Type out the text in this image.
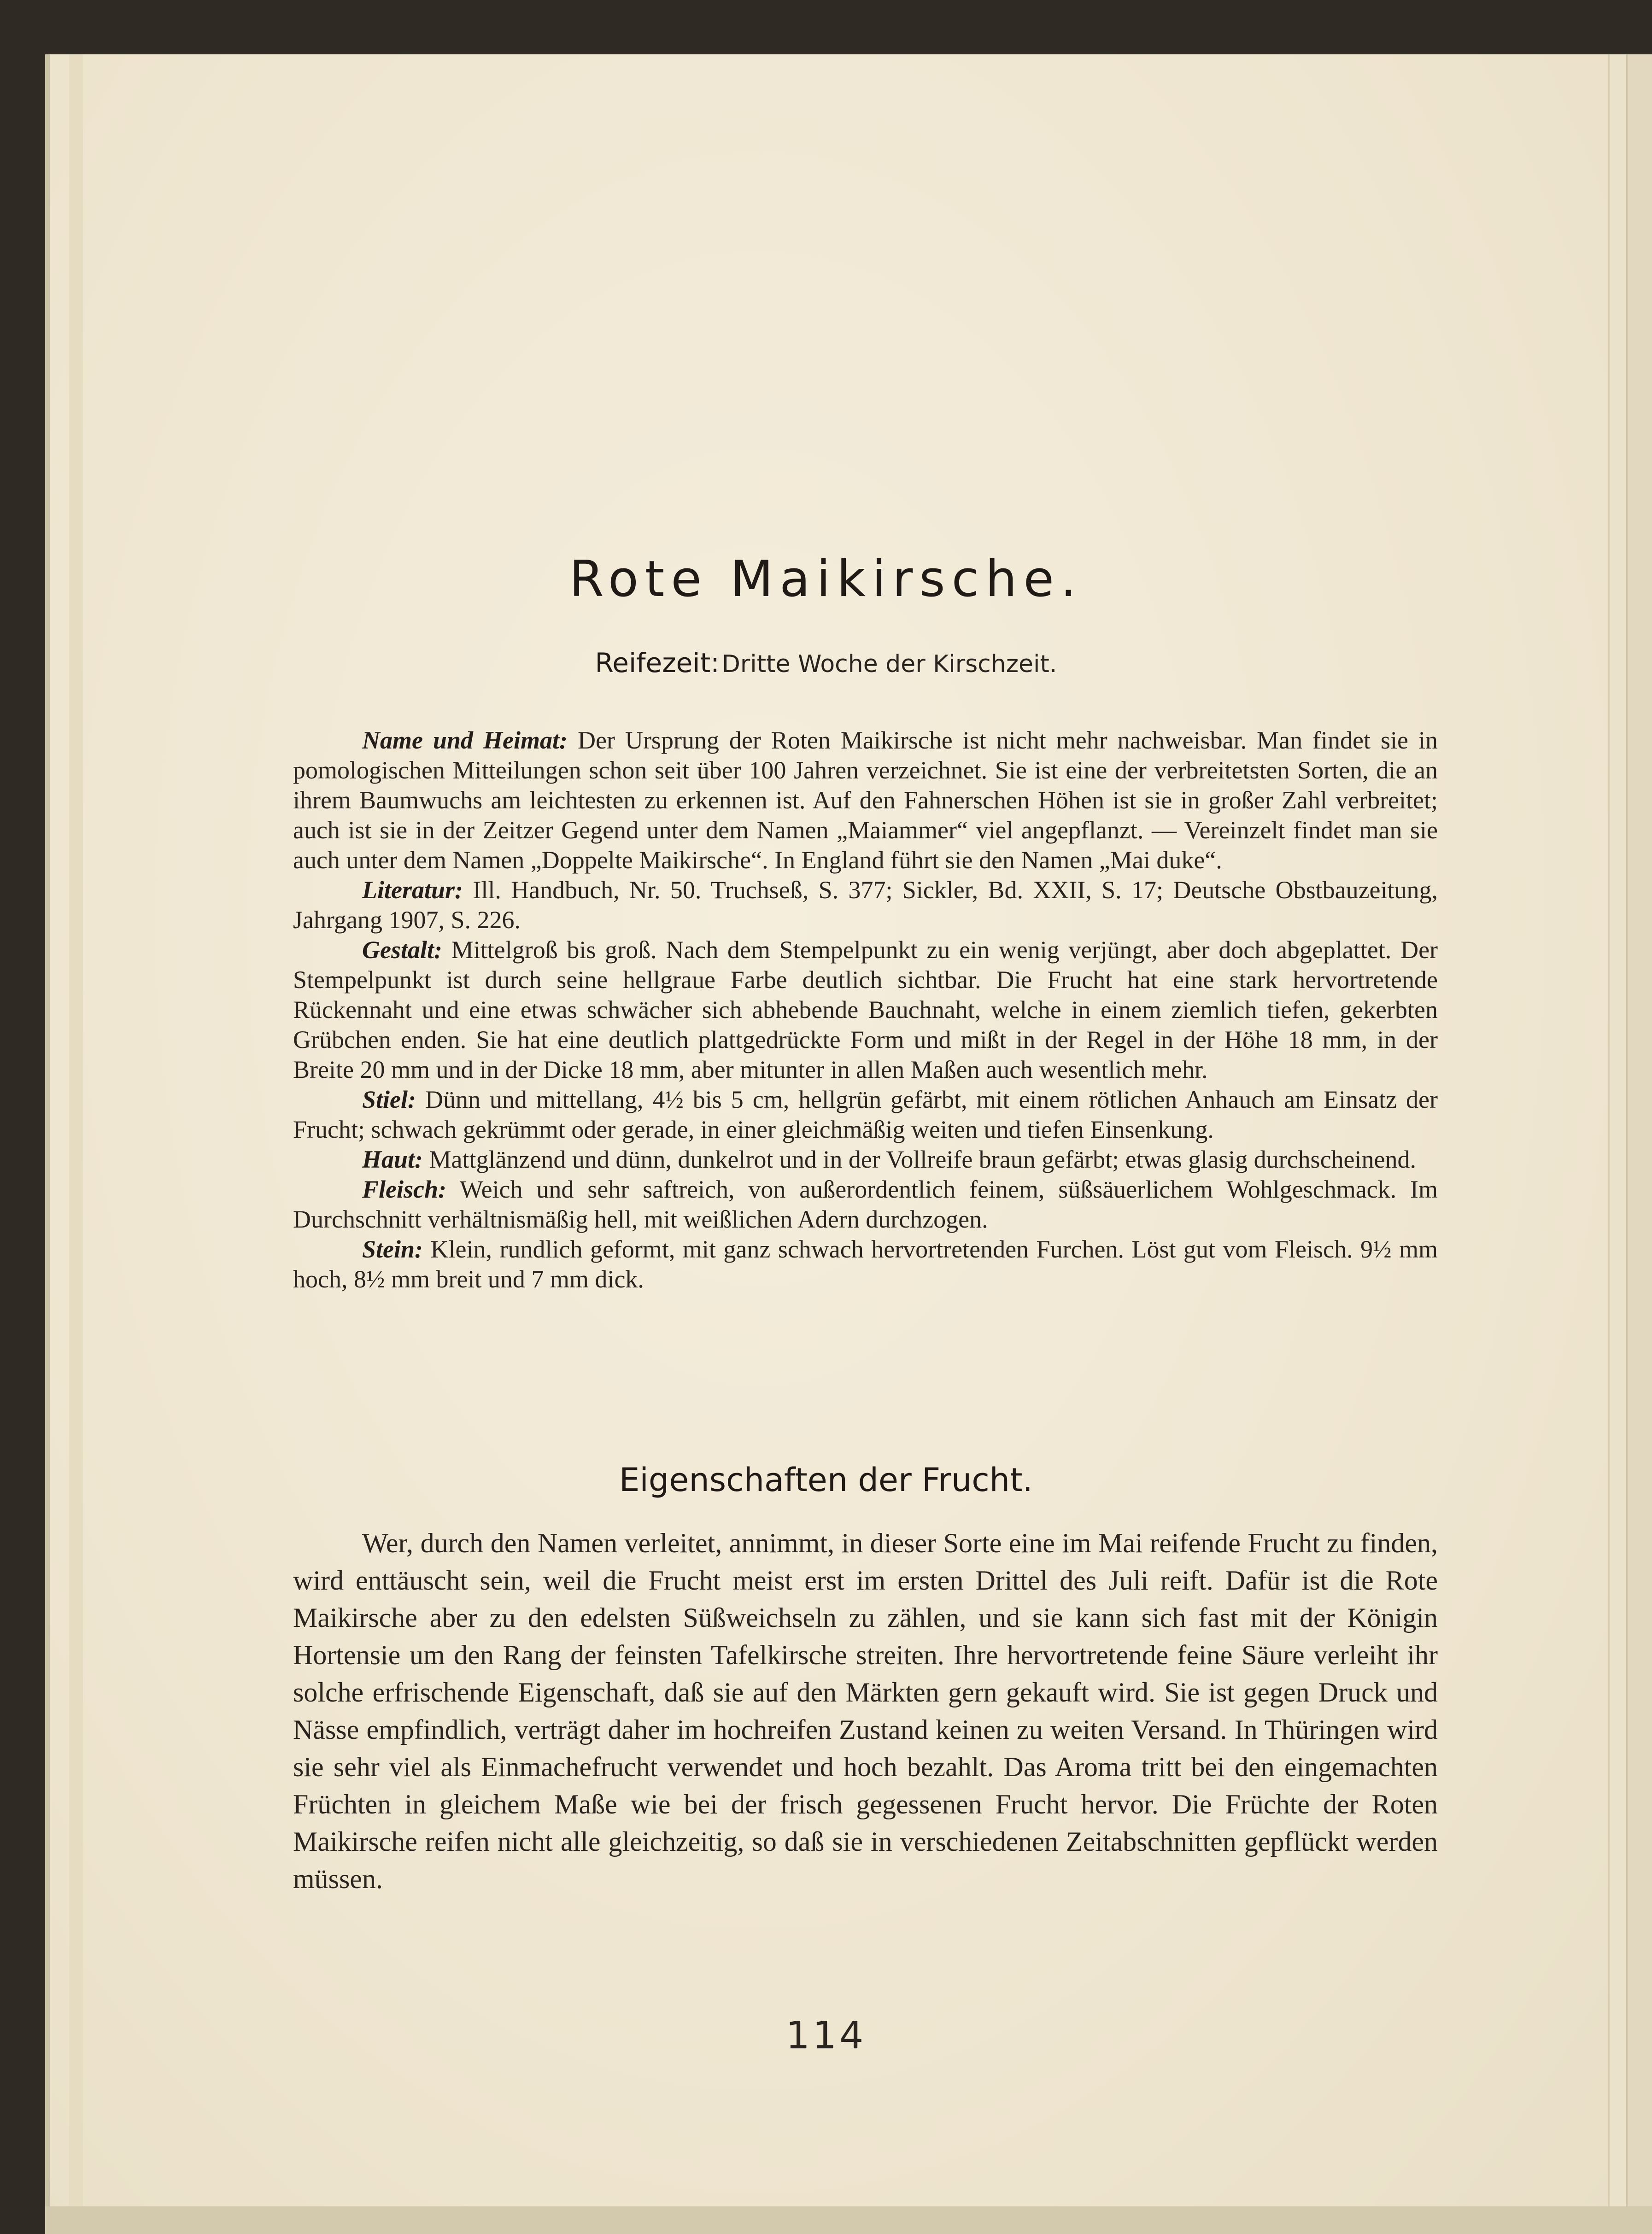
Rote Maikirsche.
Reifezeit: Dritte Woche der Kirschzeit.

Name und Heimat: Der Ursprung der Roten Maikirsche ist nicht mehr nachweisbar. Man findet sie in pomologischen Mitteilungen schon seit über 100 Jahren verzeichnet. Sie ist eine der verbreitetsten Sorten, die an ihrem Baumwuchs am leichtesten zu erkennen ist. Auf den Fahnerschen Höhen ist sie in großer Zahl verbreitet; auch ist sie in der Zeitzer Gegend unter dem Namen „Maiammer“ viel angepflanzt. — Vereinzelt findet man sie auch unter dem Namen „Doppelte Maikirsche“. In England führt sie den Namen „Mai duke“.

Literatur: Ill. Handbuch, Nr. 50. Truchseß, S. 377; Sickler, Bd. XXII, S. 17; Deutsche Obstbauzeitung, Jahrgang 1907, S. 226.

Gestalt: Mittelgroß bis groß. Nach dem Stempelpunkt zu ein wenig verjüngt, aber doch abgeplattet. Der Stempelpunkt ist durch seine hellgraue Farbe deutlich sichtbar. Die Frucht hat eine stark hervortretende Rückennaht und eine etwas schwächer sich abhebende Bauchnaht, welche in einem ziemlich tiefen, gekerbten Grübchen enden. Sie hat eine deutlich plattgedrückte Form und mißt in der Regel in der Höhe 18 mm, in der Breite 20 mm und in der Dicke 18 mm, aber mitunter in allen Maßen auch wesentlich mehr.

Stiel: Dünn und mittellang, 4½ bis 5 cm, hellgrün gefärbt, mit einem rötlichen Anhauch am Einsatz der Frucht; schwach gekrümmt oder gerade, in einer gleichmäßig weiten und tiefen Einsenkung.

Haut: Mattglänzend und dünn, dunkelrot und in der Vollreife braun gefärbt; etwas glasig durchscheinend.

Fleisch: Weich und sehr saftreich, von außerordentlich feinem, süßsäuerlichem Wohlgeschmack. Im Durchschnitt verhältnismäßig hell, mit weißlichen Adern durchzogen.

Stein: Klein, rundlich geformt, mit ganz schwach hervortretenden Furchen. Löst gut vom Fleisch. 9½ mm hoch, 8½ mm breit und 7 mm dick.

Eigenschaften der Frucht.

Wer, durch den Namen verleitet, annimmt, in dieser Sorte eine im Mai reifende Frucht zu finden, wird enttäuscht sein, weil die Frucht meist erst im ersten Drittel des Juli reift. Dafür ist die Rote Maikirsche aber zu den edelsten Süßweichseln zu zählen, und sie kann sich fast mit der Königin Hortensie um den Rang der feinsten Tafelkirsche streiten. Ihre hervortretende feine Säure verleiht ihr solche erfrischende Eigenschaft, daß sie auf den Märkten gern gekauft wird. Sie ist gegen Druck und Nässe empfindlich, verträgt daher im hochreifen Zustand keinen zu weiten Versand. In Thüringen wird sie sehr viel als Einmachefrucht verwendet und hoch bezahlt. Das Aroma tritt bei den eingemachten Früchten in gleichem Maße wie bei der frisch gegessenen Frucht hervor. Die Früchte der Roten Maikirsche reifen nicht alle gleichzeitig, so daß sie in verschiedenen Zeitabschnitten gepflückt werden müssen.

114
